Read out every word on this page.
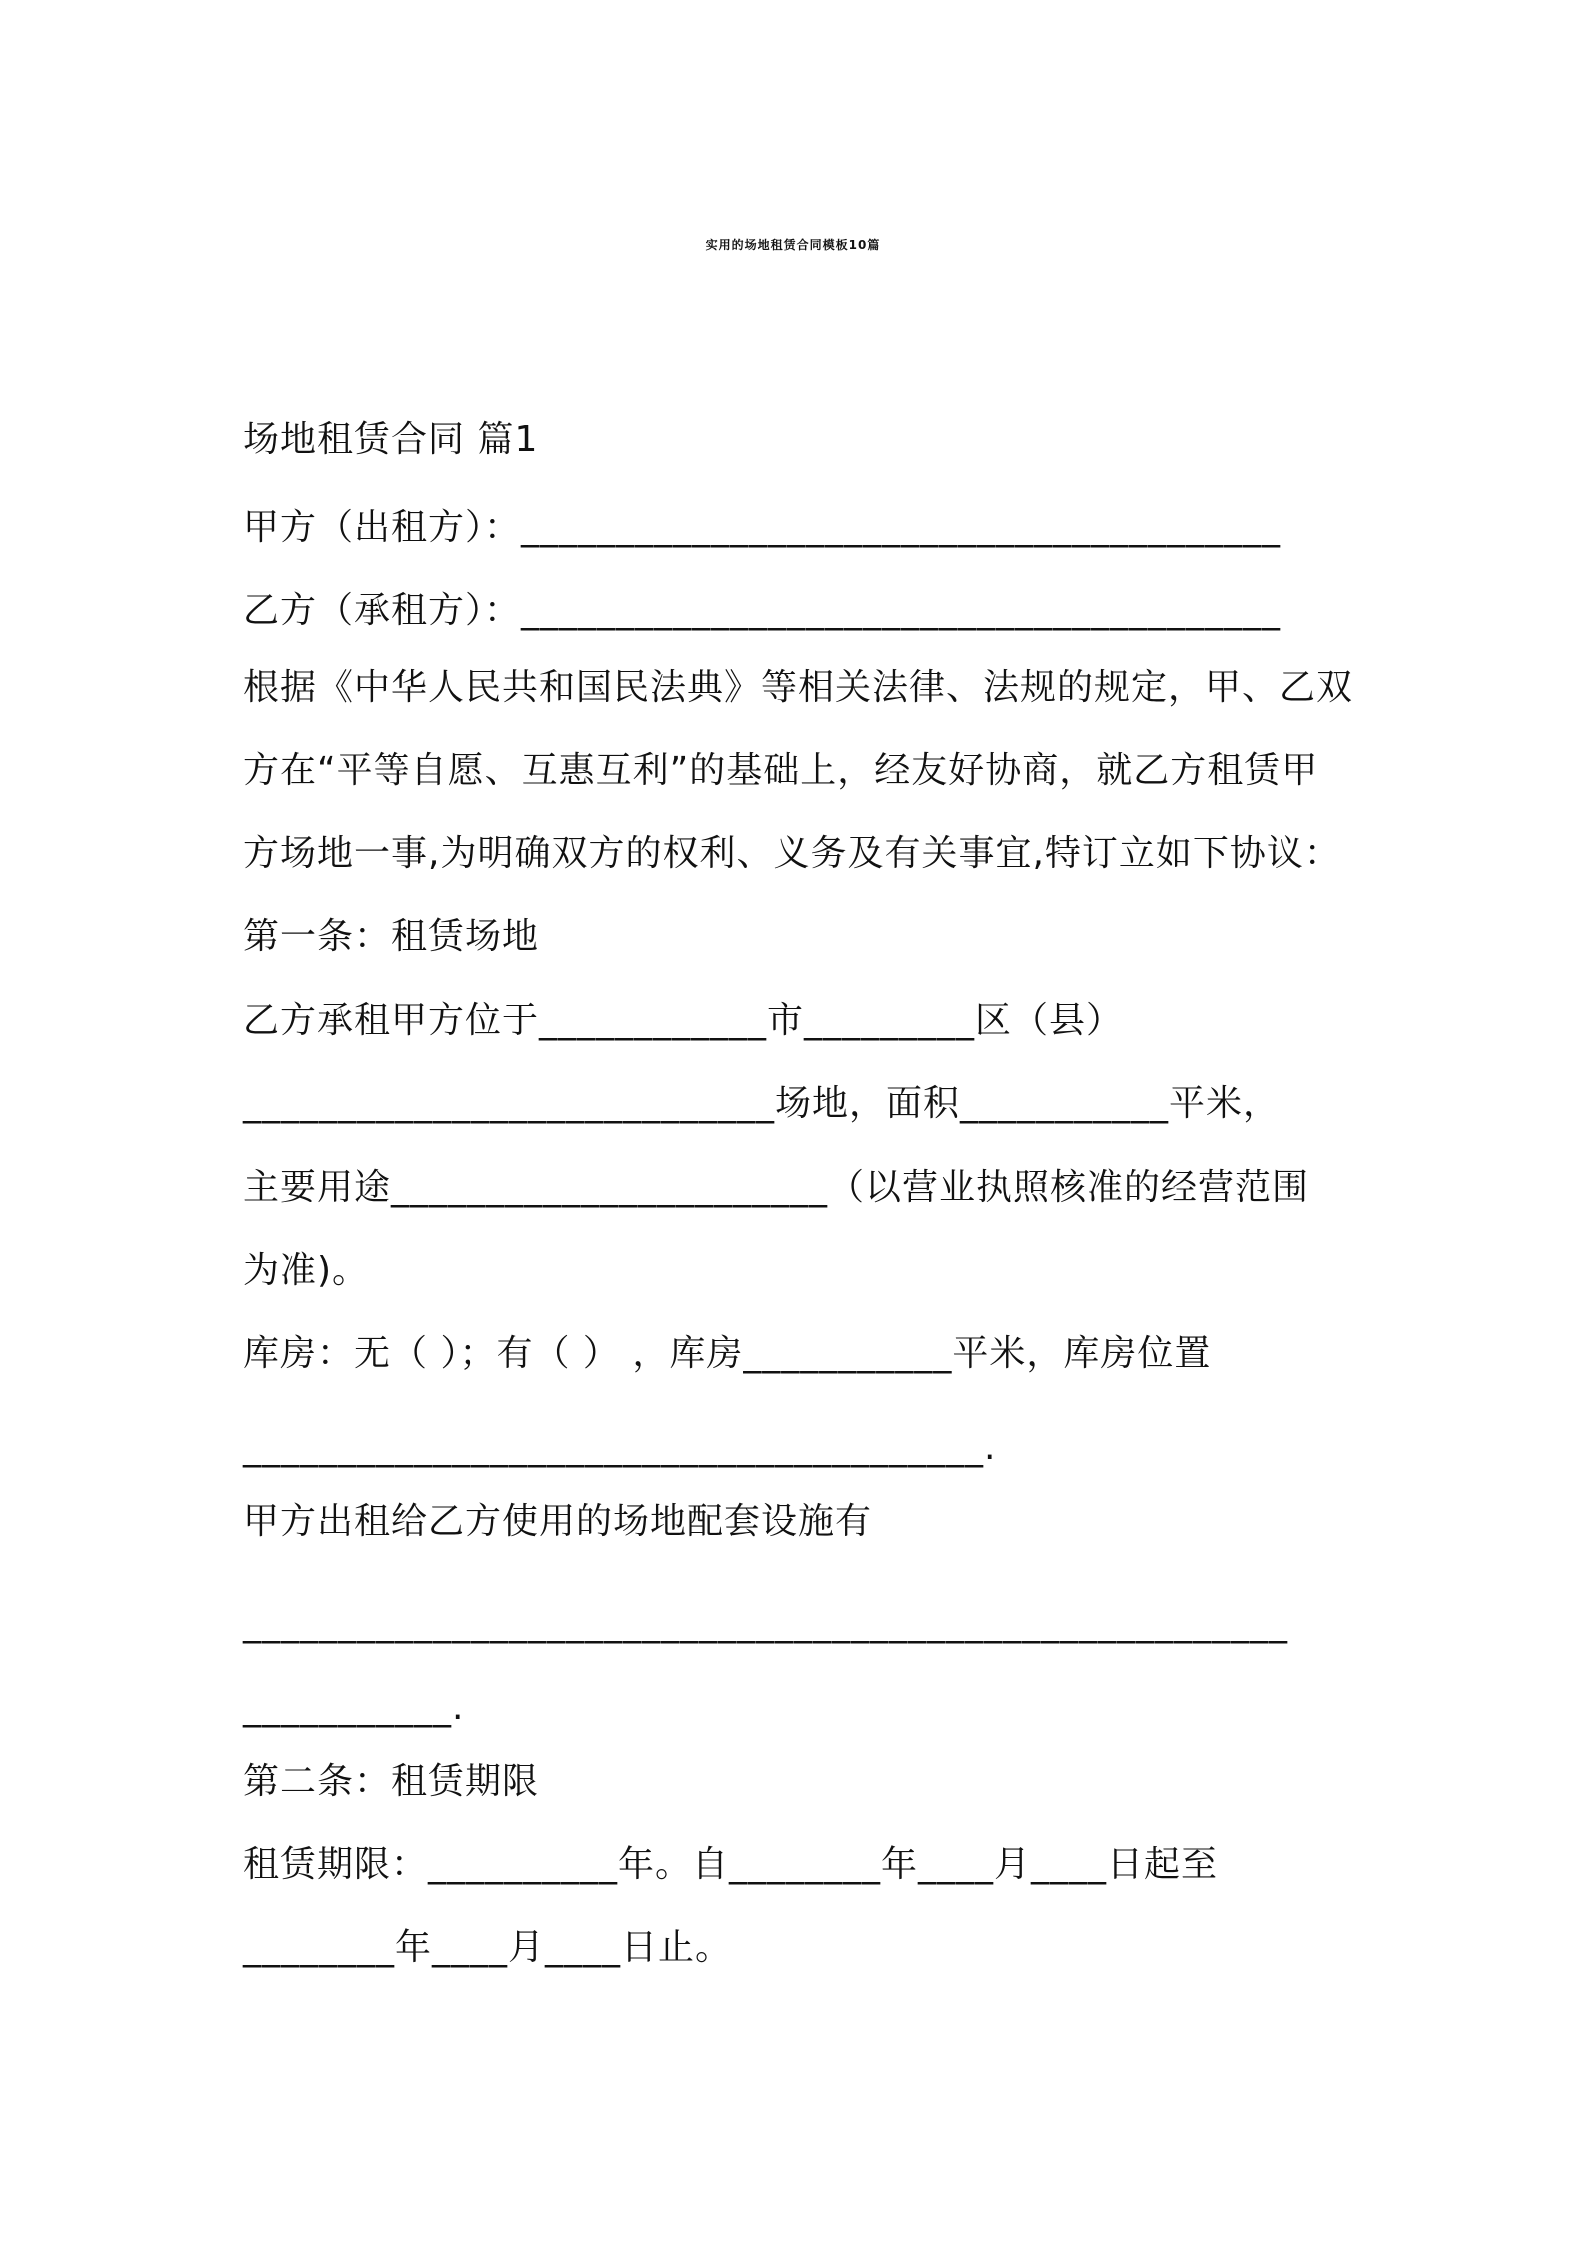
实用的场地租赁合同模板10篇
场地租赁合同 篇1
甲方（出租方）：________________________________________
乙方（承租方）：________________________________________
根据《中华人民共和国民法典》等相关法律、法规的规定，甲、乙双
方在“平等自愿、互惠互利”的基础上，经友好协商，就乙方租赁甲
方场地一事,为明确双方的权利、义务及有关事宜,特订立如下协议：
第一条：租赁场地
乙方承租甲方位于____________市_________区（县）
____________________________场地，面积___________平米，
主要用途_______________________（以营业执照核准的经营范围
为准)。
库房：无（ ）；有（ ） ，库房___________平米，库房位置
_______________________________________.
甲方出租给乙方使用的场地配套设施有
_______________________________________________________
___________.
第二条：租赁期限
租赁期限：__________年。自________年____月____日起至
________年____月____日止。
